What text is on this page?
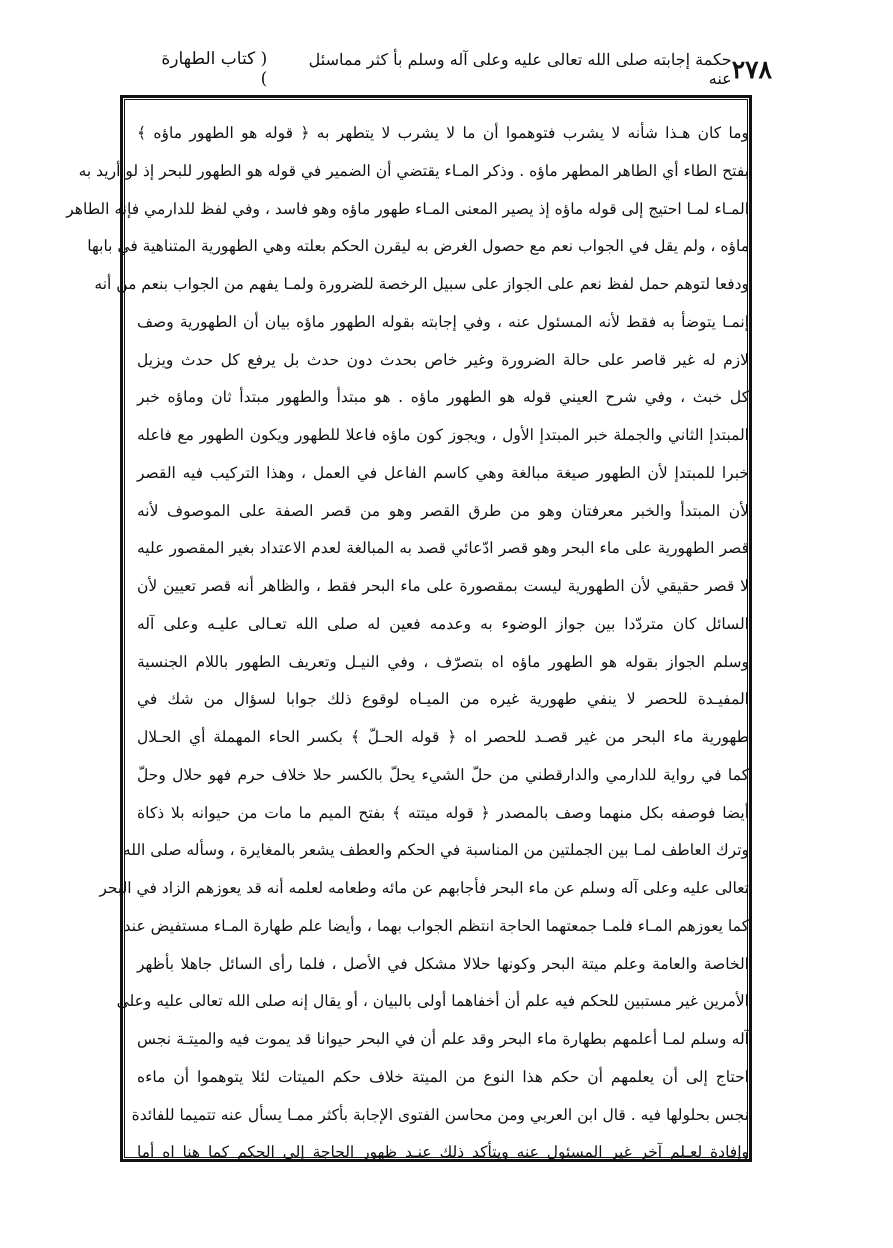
٢٧٨
حكمة إجابته صلى الله تعالى عليه وعلى آله وسلم بأ كثر مماسئل عنه
( كتاب الطهارة )
وما كان هـذا شأنه لا يشرب فتوهموا أن ما لا يشرب لا يتطهر به ﴿ قوله هو الطهور ماؤه ﴾
بفتح الطاء أي الطاهر المطهر ماؤه . وذكر المـاء يقتضي أن الضمير في قوله هو الطهور للبحر إذ لو أريد به
المـاء لمـا احتيج إلى قوله ماؤه إذ يصير المعنى المـاء طهور ماؤه وهو فاسد ، وفي لفظ للدارمي فإنه الطاهر
ماؤه ، ولم يقل في الجواب نعم مع حصول الغرض به ليقرن الحكم بعلته وهي الطهورية المتناهية في بابها
ودفعا لتوهم حمل لفظ نعم على الجواز على سبيل الرخصة للضرورة ولمـا يفهم من الجواب بنعم من أنه
إنمـا يتوضأ به فقط لأنه المسئول عنه ، وفي إجابته بقوله الطهور ماؤه بيان أن الطهورية وصف
لازم له غير قاصر على حالة الضرورة وغير خاص بحدث دون حدث بل يرفع كل حدث ويزيل
كل خبث ، وفي شرح العيني قوله هو الطهور ماؤه . هو مبتدأ والطهور مبتدأ ثان وماؤه خبر
المبتدإ الثاني والجملة خبر المبتدإ الأول ، ويجوز كون ماؤه فاعلا للطهور ويكون الطهور مع فاعله
خبرا للمبتدإ لأن الطهور صيغة مبالغة وهي كاسم الفاعل في العمل ، وهذا التركيب فيه القصر
لأن المبتدأ والخبر معرفتان وهو من طرق القصر وهو من قصر الصفة على الموصوف لأنه
قصر الطهورية على ماء البحر وهو قصر ادّعائي قصد به المبالغة لعدم الاعتداد بغير المقصور عليه
لا قصر حقيقي لأن الطهورية ليست بمقصورة على ماء البحر فقط ، والظاهر أنه قصر تعيين لأن
السائل كان متردّدا بين جواز الوضوء به وعدمه فعين له صلى الله تعـالى عليـه وعلى آله
وسلم الجواز بقوله هو الطهور ماؤه اه بتصرّف ، وفي النيـل وتعريف الطهور باللام الجنسية
المفيـدة للحصر لا ينفي طهورية غيره من الميـاه لوقوع ذلك جوابا لسؤال من شك في
طهورية ماء البحر من غير قصـد للحصر اه ﴿ قوله الحـلّ ﴾ بكسر الحاء المهملة أي الحـلال
كما في رواية للدارمي والدارقطني من حلّ الشيء يحلّ بالكسر حلا خلاف حرم فهو حلال وحلّ
أيضا فوصفه بكل منهما وصف بالمصدر ﴿ قوله ميتته ﴾ بفتح الميم ما مات من حيوانه بلا ذكاة
وترك العاطف لمـا بين الجملتين من المناسبة في الحكم والعطف يشعر بالمغايرة ، وسأله صلى الله
تعالى عليه وعلى آله وسلم عن ماء البحر فأجابهم عن مائه وطعامه لعلمه أنه قد يعوزهم الزاد في البحر
كما يعوزهم المـاء فلمـا جمعتهما الحاجة انتظم الجواب بهما ، وأيضا علم طهارة المـاء مستفيض عند
الخاصة والعامة وعلم ميتة البحر وكونها حلالا مشكل في الأصل ، فلما رأى السائل جاهلا بأظهر
الأمرين غير مستبين للحكم فيه علم أن أخفاهما أولى بالبيان ، أو يقال إنه صلى الله تعالى عليه وعلى
آله وسلم لمـا أعلمهم بطهارة ماء البحر وقد علم أن في البحر حيوانا قد يموت فيه والميتـة نجس
احتاج إلى أن يعلمهم أن حكم هذا النوع من الميتة خلاف حكم الميتات لئلا يتوهموا أن ماءه
نجس بحلولها فيه . قال ابن العربي ومن محاسن الفتوى الإجابة بأكثر ممـا يسأل عنه تتميما للفائدة
وإفادة لعـلم آخر غير المسئول عنه ويتأكد ذلك عنـد ظهور الحاجة إلى الحكم كما هنا اه أما
